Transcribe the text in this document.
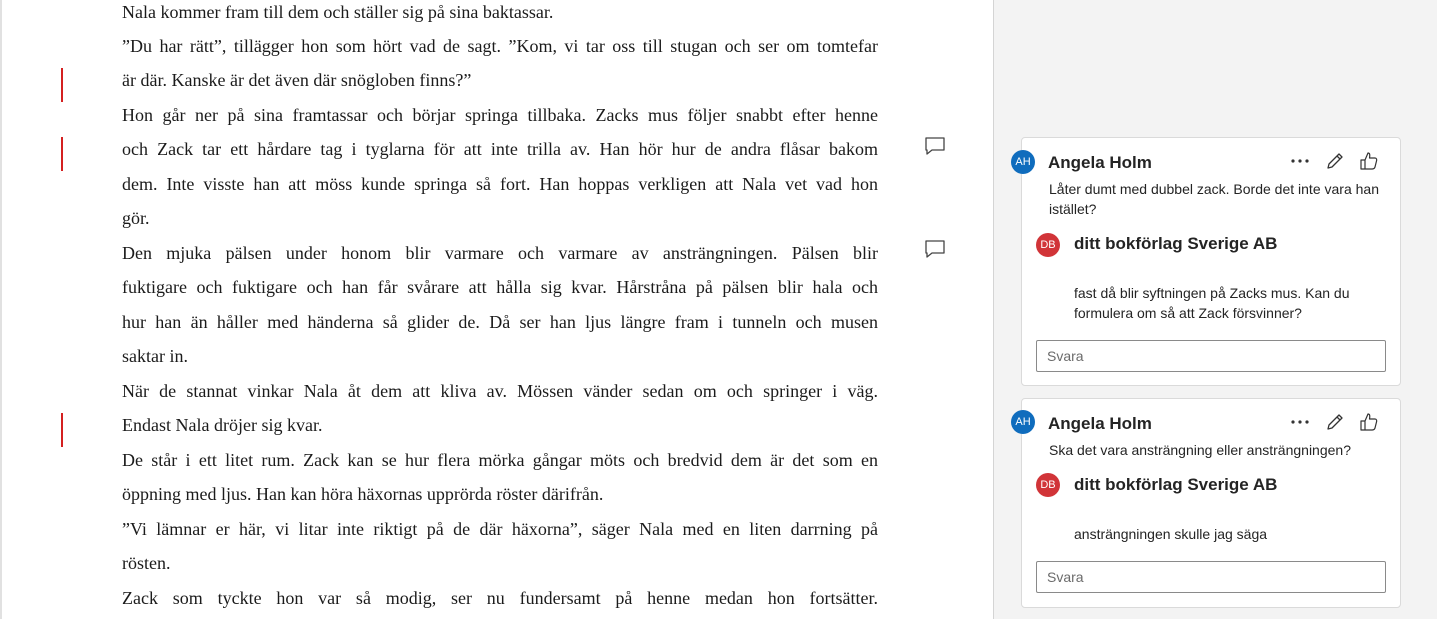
Nala kommer fram till dem och ställer sig på sina baktassar.
”Du har rätt”, tillägger hon som hört vad de sagt. ”Kom, vi tar oss till stugan och ser om tomtefar
är där. Kanske är det även där snögloben finns?”
Hon går ner på sina framtassar och börjar springa tillbaka. Zacks mus följer snabbt efter henne
och Zack tar ett hårdare tag i tyglarna för att inte trilla av. Han hör hur de andra flåsar bakom
dem. Inte visste han att möss kunde springa så fort. Han hoppas verkligen att Nala vet vad hon
gör.
Den mjuka pälsen under honom blir varmare och varmare av ansträngningen. Pälsen blir
fuktigare och fuktigare och han får svårare att hålla sig kvar. Hårstråna på pälsen blir hala och
hur han än håller med händerna så glider de. Då ser han ljus längre fram i tunneln och musen
saktar in.
När de stannat vinkar Nala åt dem att kliva av. Mössen vänder sedan om och springer i väg.
Endast Nala dröjer sig kvar.
De står i ett litet rum. Zack kan se hur flera mörka gångar möts och bredvid dem är det som en
öppning med ljus. Han kan höra häxornas upprörda röster därifrån.
”Vi lämnar er här, vi litar inte riktigt på de där häxorna”, säger Nala med en liten darrning på
rösten.
Zack som tyckte hon var så modig, ser nu fundersamt på henne medan hon fortsätter.
AH Angela Holm
Låter dumt med dubbel zack. Borde det inte vara han istället?
DB ditt bokförlag Sverige AB
fast då blir syftningen på Zacks mus. Kan du formulera om så att Zack försvinner?
Svara
AH Angela Holm
Ska det vara ansträngning eller ansträngningen?
DB ditt bokförlag Sverige AB
ansträngningen skulle jag säga
Svara
